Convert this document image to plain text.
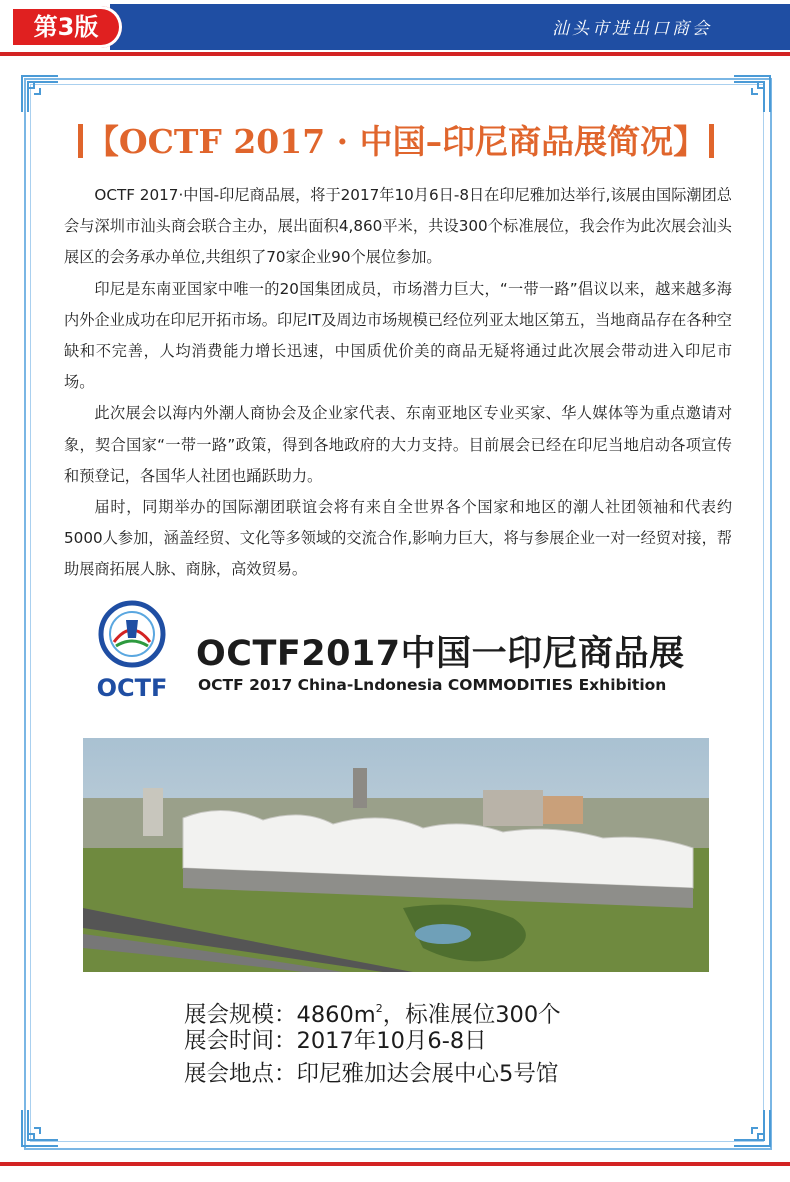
第3版	汕头市进出口商会
【OCTF 2017 · 中国–印尼商品展简况】

OCTF 2017·中国-印尼商品展，将于2017年10月6日-8日在印尼雅加达举行,该展由国际潮团总会与深圳市汕头商会联合主办，展出面积4,860平米，共设300个标准展位，我会作为此次展会汕头展区的会务承办单位,共组织了70家企业90个展位参加。

印尼是东南亚国家中唯一的20国集团成员，市场潜力巨大，“一带一路”倡议以来，越来越多海内外企业成功在印尼开拓市场。印尼IT及周边市场规模已经位列亚太地区第五，当地商品存在各种空缺和不完善，人均消费能力增长迅速，中国质优价美的商品无疑将通过此次展会带动进入印尼市场。

此次展会以海内外潮人商协会及企业家代表、东南亚地区专业买家、华人媒体等为重点邀请对象，契合国家“一带一路”政策，得到各地政府的大力支持。目前展会已经在印尼当地启动各项宣传和预登记，各国华人社团也踊跃助力。

届时，同期举办的国际潮团联谊会将有来自全世界各个国家和地区的潮人社团领袖和代表约5000人参加，涵盖经贸、文化等多领域的交流合作,影响力巨大，将与参展企业一对一经贸对接，帮助展商拓展人脉、商脉，高效贸易。

OCTF
OCTF2017中国一印尼商品展
OCTF 2017 China-Lndonesia COMMODITIES Exhibition
展会规模：$4860m^2$，标准展位300个
展会时间：2017年10月6-8日
展会地点：印尼雅加达会展中心5号馆
